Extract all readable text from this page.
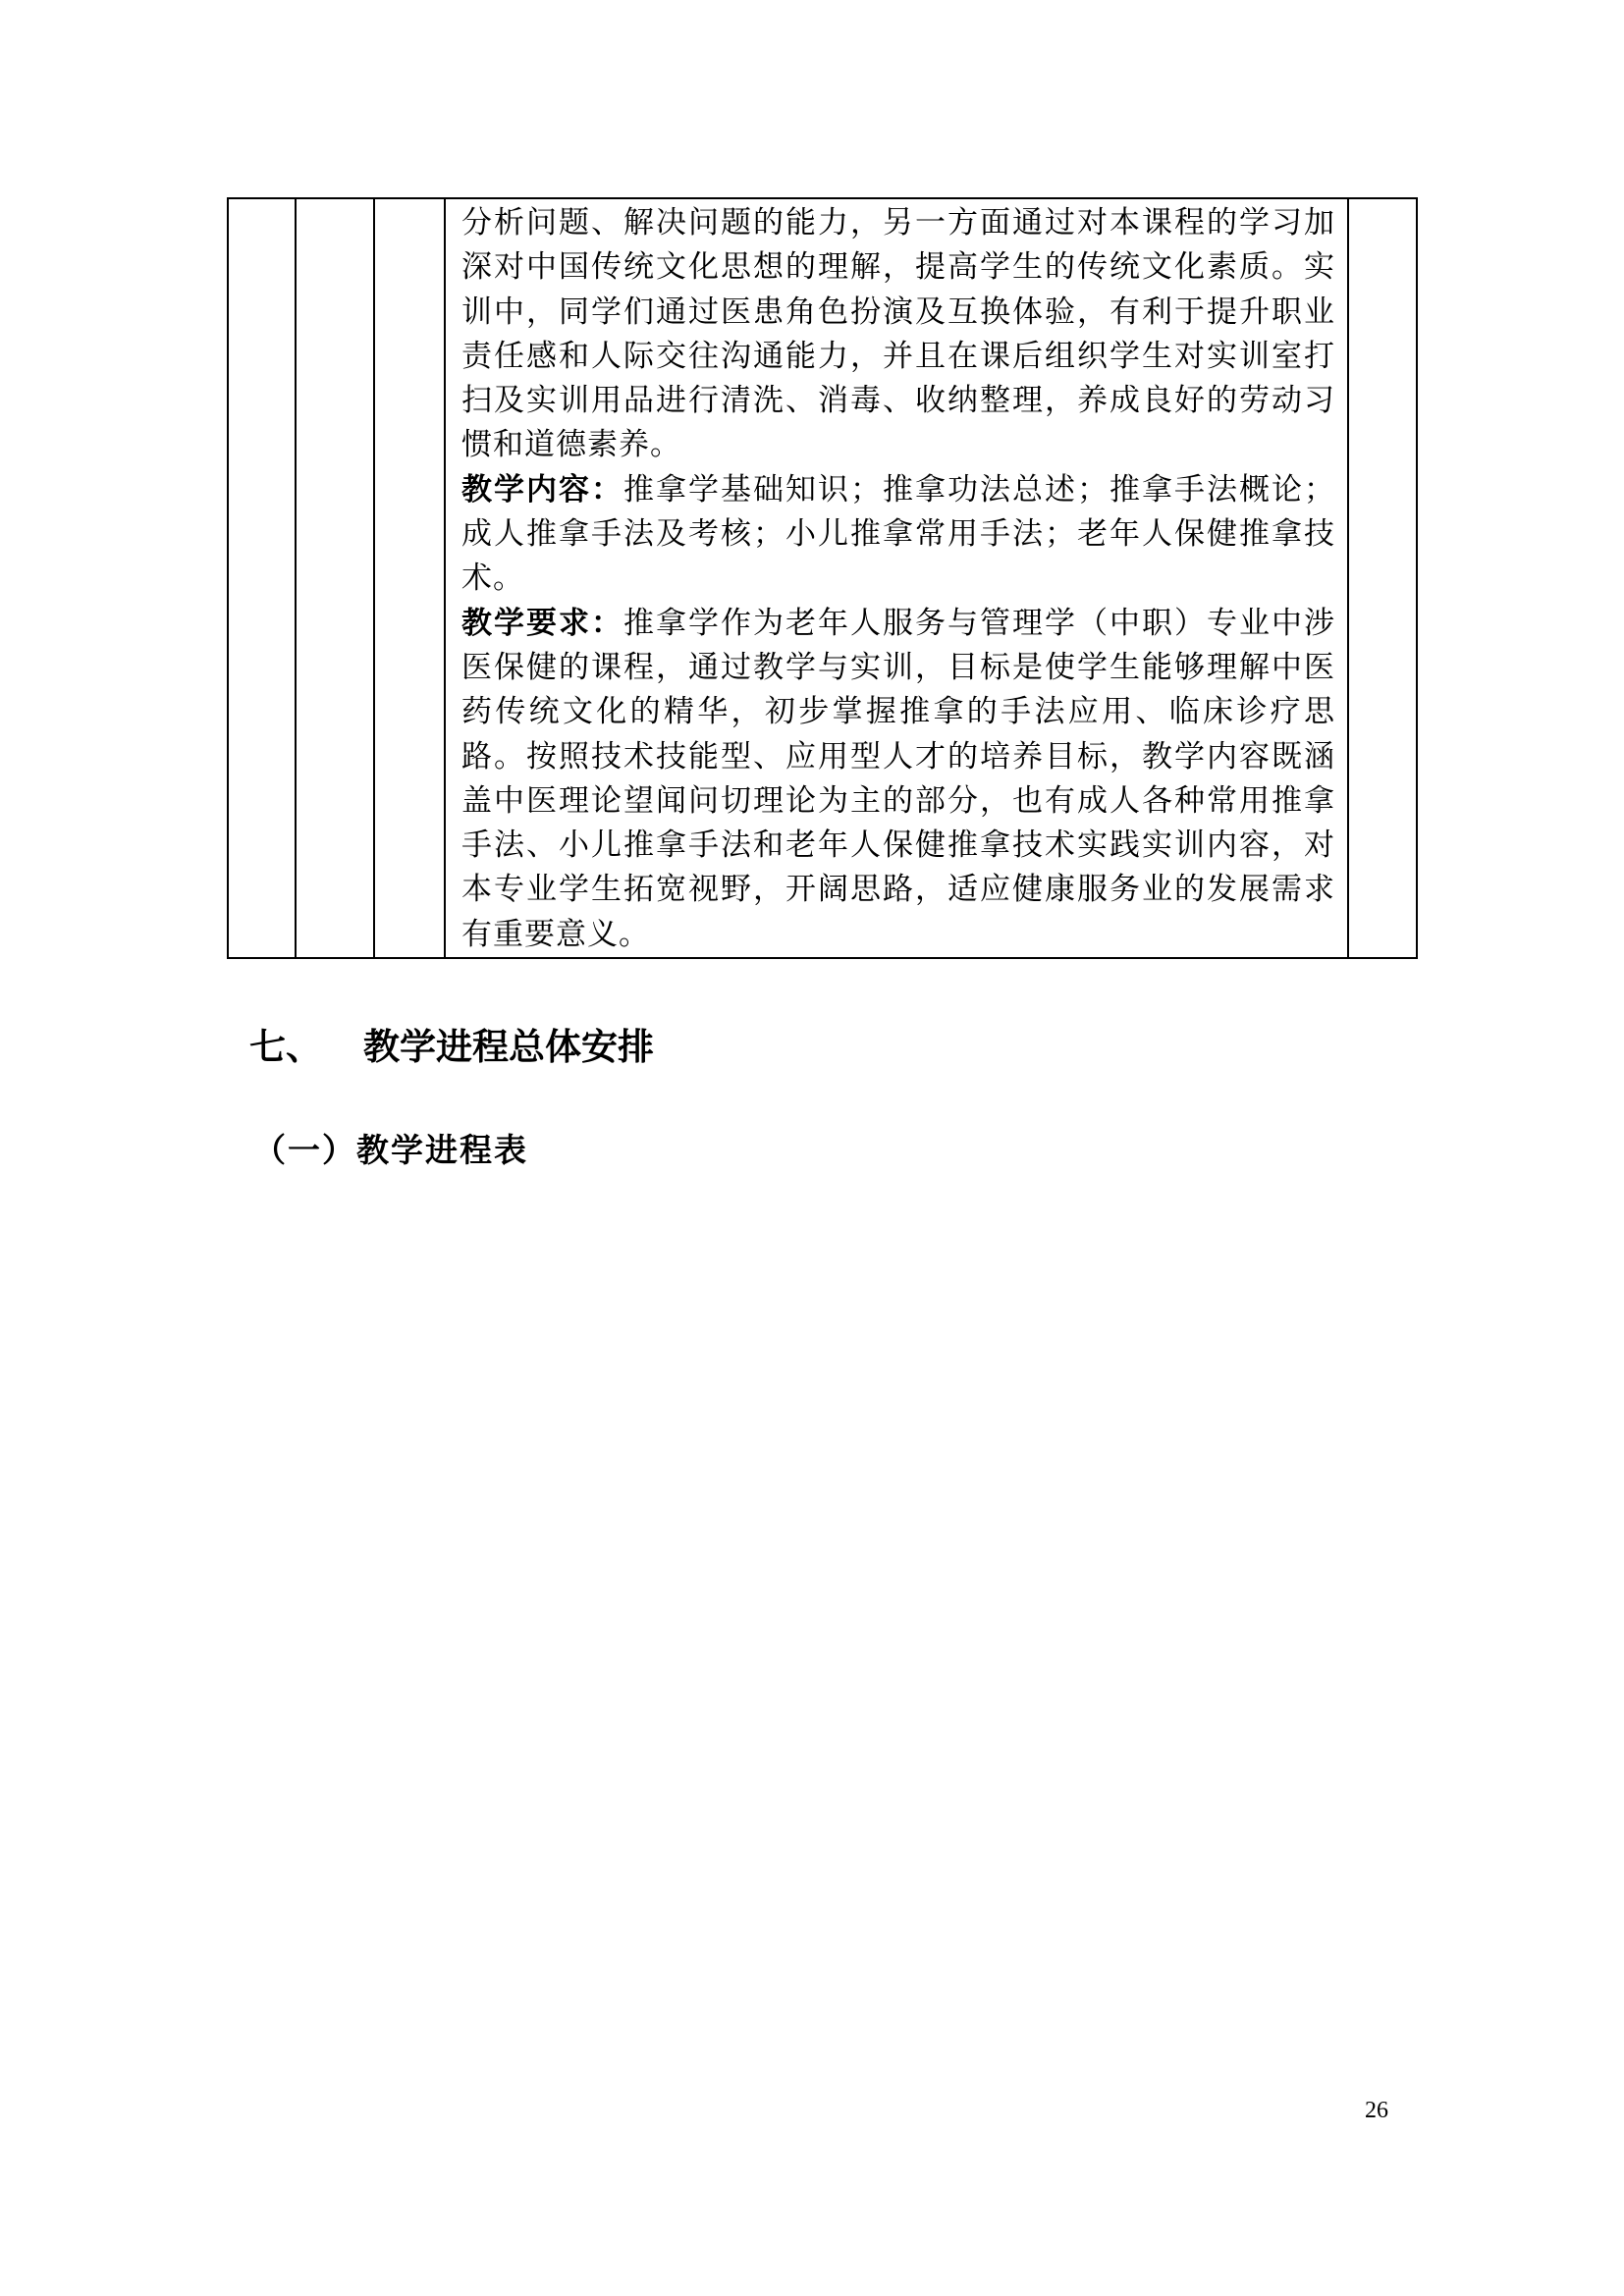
分析问题、解决问题的能力，另一方面通过对本课程的学习加深对中国传统文化思想的理解，提高学生的传统文化素质。实训中，同学们通过医患角色扮演及互换体验，有利于提升职业责任感和人际交往沟通能力，并且在课后组织学生对实训室打扫及实训用品进行清洗、消毒、收纳整理，养成良好的劳动习惯和道德素养。

教学内容：推拿学基础知识；推拿功法总述；推拿手法概论；成人推拿手法及考核；小儿推拿常用手法；老年人保健推拿技术。

教学要求：推拿学作为老年人服务与管理学（中职）专业中涉医保健的课程，通过教学与实训，目标是使学生能够理解中医药传统文化的精华，初步掌握推拿的手法应用、临床诊疗思路。按照技术技能型、应用型人才的培养目标，教学内容既涵盖中医理论望闻问切理论为主的部分，也有成人各种常用推拿手法、小儿推拿手法和老年人保健推拿技术实践实训内容，对本专业学生拓宽视野，开阔思路，适应健康服务业的发展需求有重要意义。

七、 教学进程总体安排
（一）教学进程表
26
